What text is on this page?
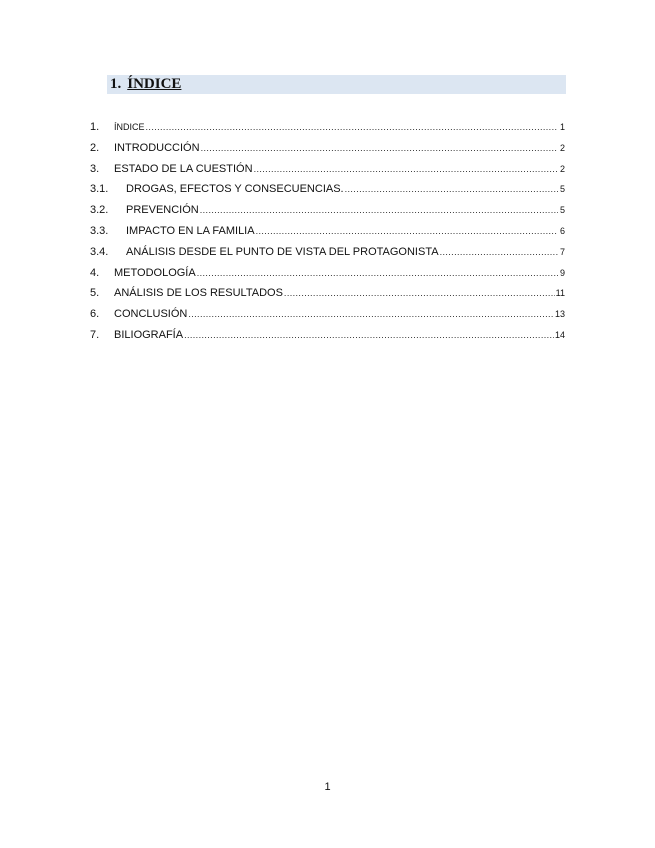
1. ÍNDICE
1.	ÍNDICE .....	1
2.	INTRODUCCIÓN .....	2
3.	ESTADO DE LA CUESTIÓN .....	2
3.1.	DROGAS, EFECTOS Y CONSECUENCIAS. .....	5
3.2.	PREVENCIÓN .....	5
3.3.	IMPACTO EN LA FAMILIA .....	6
3.4.	ANÁLISIS DESDE EL PUNTO DE VISTA DEL PROTAGONISTA .....	7
4.	METODOLOGÍA .....	9
5.	ANÁLISIS DE LOS RESULTADOS .....	11
6.	CONCLUSIÓN .....	13
7.	BILIOGRAFÍA .....	14
1
